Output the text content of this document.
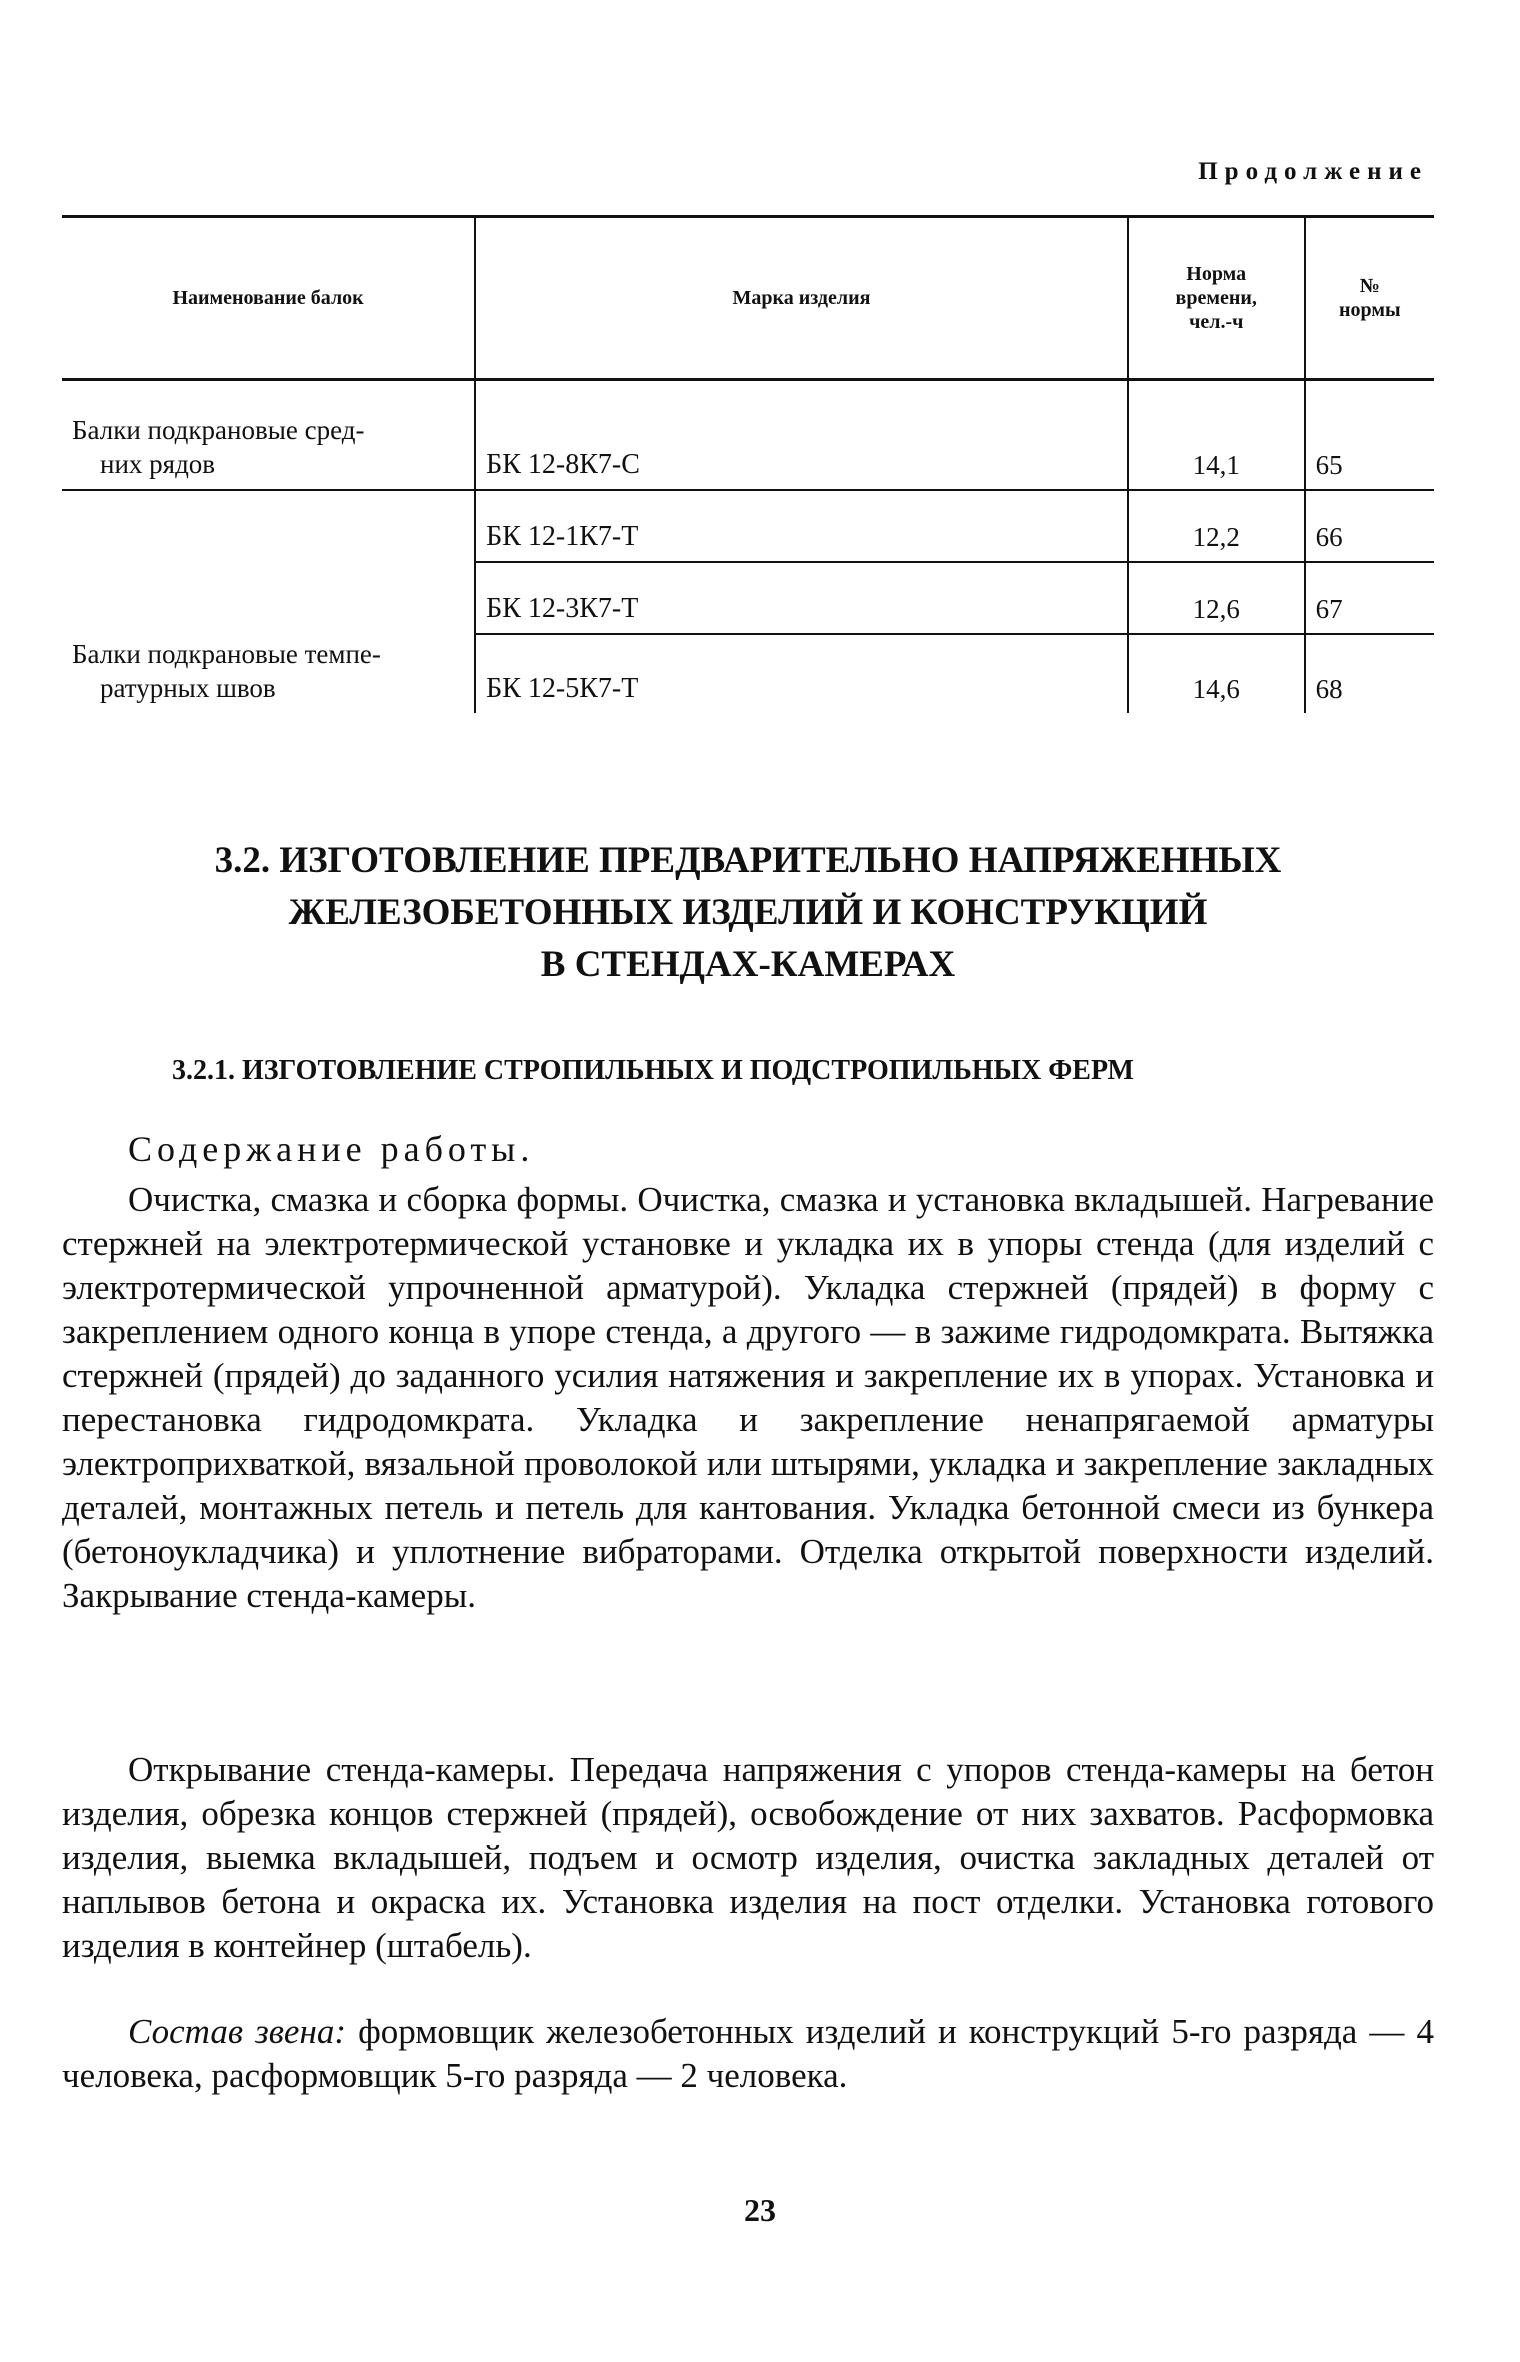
Продолжение
Наименование балок	Марка изделия	Норма
времени,
чел.-ч	№
нормы
Балки подкрановые сред-
них рядов	БК 12-8К7-С	14,1	65
Балки подкрановые темпе-
ратурных швов	БК 12-1К7-Т	12,2	66
	БК 12-3К7-Т	12,6	67
	БК 12-5К7-Т	14,6	68
3.2. ИЗГОТОВЛЕНИЕ ПРЕДВАРИТЕЛЬНО НАПРЯЖЕННЫХ
ЖЕЛЕЗОБЕТОННЫХ ИЗДЕЛИЙ И КОНСТРУКЦИЙ
В СТЕНДАХ-КАМЕРАХ
3.2.1. ИЗГОТОВЛЕНИЕ СТРОПИЛЬНЫХ И ПОДСТРОПИЛЬНЫХ ФЕРМ
Содержание работы.
Очистка, смазка и сборка формы. Очистка, смазка и установка вкладышей. Нагревание стержней на электротермической установке и укладка их в упоры стенда (для изделий с электротермической упрочненной арматурой). Укладка стержней (прядей) в форму с закреплением одного конца в упоре стенда, а другого — в зажиме гидродомкрата. Вытяжка стержней (прядей) до заданного усилия натяжения и закрепление их в упорах. Установка и перестановка гидродомкрата. Укладка и закрепление ненапрягаемой арматуры электроприхваткой, вязальной проволокой или штырями, укладка и закрепление закладных деталей, монтажных петель и петель для кантования. Укладка бетонной смеси из бункера (бетоноукладчика) и уплотнение вибраторами. Отделка открытой поверхности изделий. Закрывание стенда-камеры.
Открывание стенда-камеры. Передача напряжения с упоров стенда-камеры на бетон изделия, обрезка концов стержней (прядей), освобождение от них захватов. Расформовка изделия, выемка вкладышей, подъем и осмотр изделия, очистка закладных деталей от наплывов бетона и окраска их. Установка изделия на пост отделки. Установка готового изделия в контейнер (штабель).
Состав звена: формовщик железобетонных изделий и конструкций 5-го разряда — 4 человека, расформовщик 5-го разряда — 2 человека.
23
